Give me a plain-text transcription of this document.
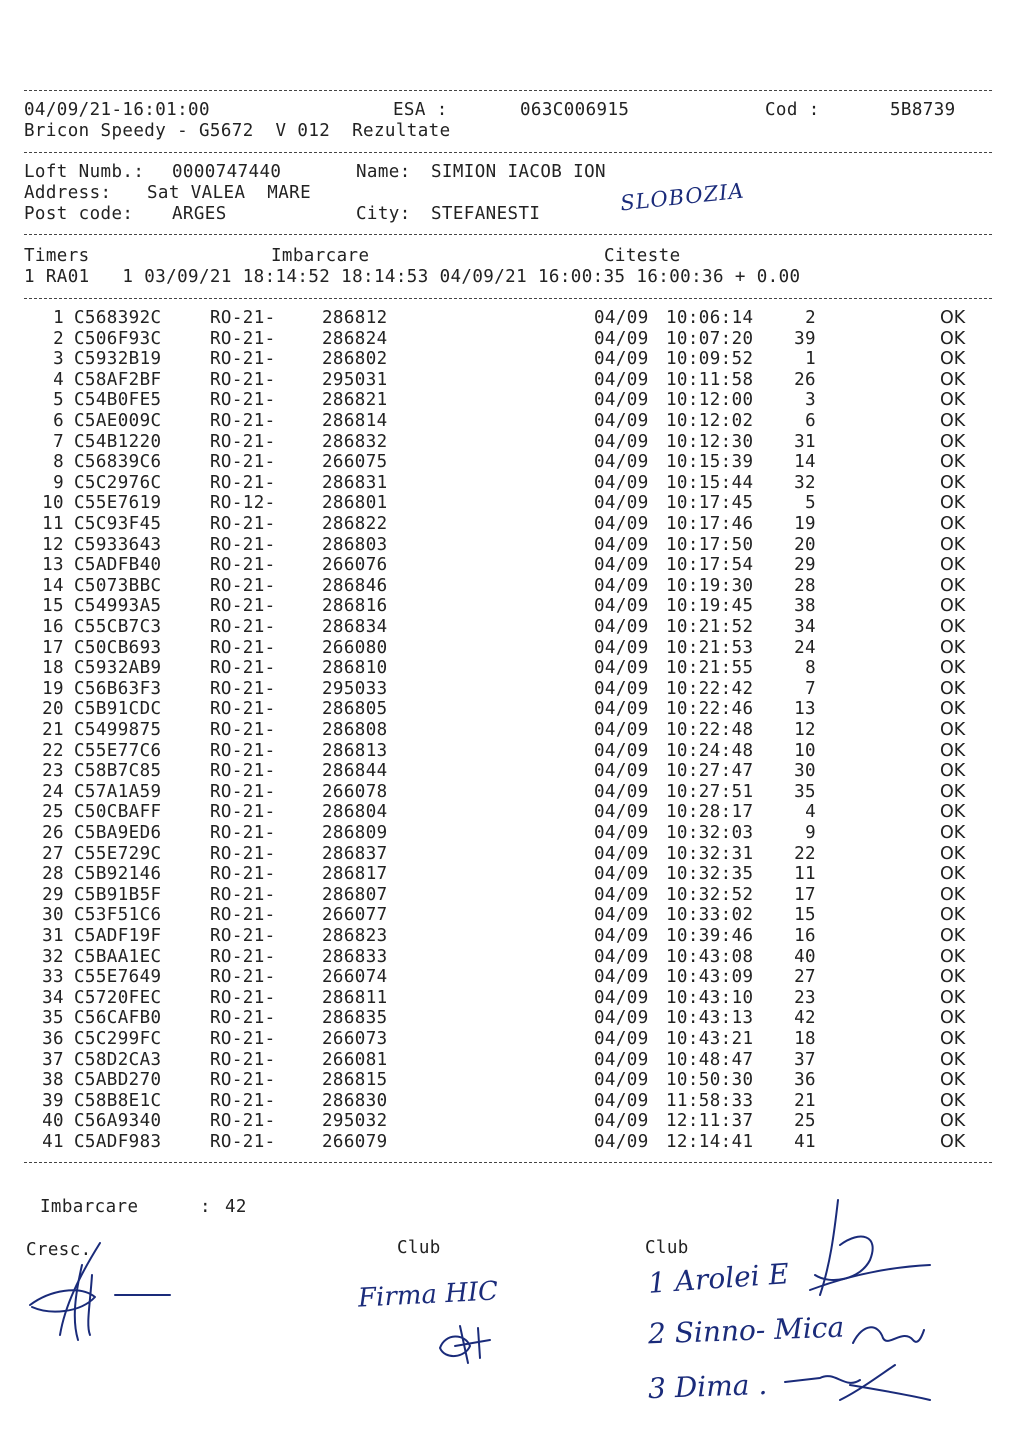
04/09/21-16:01:00	ESA :	063C006915	Cod :	5B8739
Bricon Speedy - G5672  V 012  Rezultate
Loft Numb.: 0000747440	Name: SIMION IACOB ION
Address: Sat VALEA  MARE
Post code: ARGES	City: STEFANESTI	SLOBOZIA
Timers	Imbarcare	Citeste
1 RA01   1 03/09/21 18:14:52 18:14:53 04/09/21 16:00:35 16:00:36 + 0.00
1 C568392C	RO-21-	286812	04/09 10:06:14	2	OK
2 C506F93C	RO-21-	286824	04/09 10:07:20	39	OK
3 C5932B19	RO-21-	286802	04/09 10:09:52	1	OK
4 C58AF2BF	RO-21-	295031	04/09 10:11:58	26	OK
5 C54B0FE5	RO-21-	286821	04/09 10:12:00	3	OK
6 C5AE009C	RO-21-	286814	04/09 10:12:02	6	OK
7 C54B1220	RO-21-	286832	04/09 10:12:30	31	OK
8 C56839C6	RO-21-	266075	04/09 10:15:39	14	OK
9 C5C2976C	RO-21-	286831	04/09 10:15:44	32	OK
10 C55E7619	RO-12-	286801	04/09 10:17:45	5	OK
11 C5C93F45	RO-21-	286822	04/09 10:17:46	19	OK
12 C5933643	RO-21-	286803	04/09 10:17:50	20	OK
13 C5ADFB40	RO-21-	266076	04/09 10:17:54	29	OK
14 C5073BBC	RO-21-	286846	04/09 10:19:30	28	OK
15 C54993A5	RO-21-	286816	04/09 10:19:45	38	OK
16 C55CB7C3	RO-21-	286834	04/09 10:21:52	34	OK
17 C50CB693	RO-21-	266080	04/09 10:21:53	24	OK
18 C5932AB9	RO-21-	286810	04/09 10:21:55	8	OK
19 C56B63F3	RO-21-	295033	04/09 10:22:42	7	OK
20 C5B91CDC	RO-21-	286805	04/09 10:22:46	13	OK
21 C5499875	RO-21-	286808	04/09 10:22:48	12	OK
22 C55E77C6	RO-21-	286813	04/09 10:24:48	10	OK
23 C58B7C85	RO-21-	286844	04/09 10:27:47	30	OK
24 C57A1A59	RO-21-	266078	04/09 10:27:51	35	OK
25 C50CBAFF	RO-21-	286804	04/09 10:28:17	4	OK
26 C5BA9ED6	RO-21-	286809	04/09 10:32:03	9	OK
27 C55E729C	RO-21-	286837	04/09 10:32:31	22	OK
28 C5B92146	RO-21-	286817	04/09 10:32:35	11	OK
29 C5B91B5F	RO-21-	286807	04/09 10:32:52	17	OK
30 C53F51C6	RO-21-	266077	04/09 10:33:02	15	OK
31 C5ADF19F	RO-21-	286823	04/09 10:39:46	16	OK
32 C5BAA1EC	RO-21-	286833	04/09 10:43:08	40	OK
33 C55E7649	RO-21-	266074	04/09 10:43:09	27	OK
34 C5720FEC	RO-21-	286811	04/09 10:43:10	23	OK
35 C56CAFB0	RO-21-	286835	04/09 10:43:13	42	OK
36 C5C299FC	RO-21-	266073	04/09 10:43:21	18	OK
37 C58D2CA3	RO-21-	266081	04/09 10:48:47	37	OK
38 C5ABD270	RO-21-	286815	04/09 10:50:30	36	OK
39 C58B8E1C	RO-21-	286830	04/09 11:58:33	21	OK
40 C56A9340	RO-21-	295032	04/09 12:11:37	25	OK
41 C5ADF983	RO-21-	266079	04/09 12:14:41	41	OK
Imbarcare	: 42
Cresc.	Club	Club
Firma HIC	1 Arolei E
2 Sinno- Mica
3 Dima .
